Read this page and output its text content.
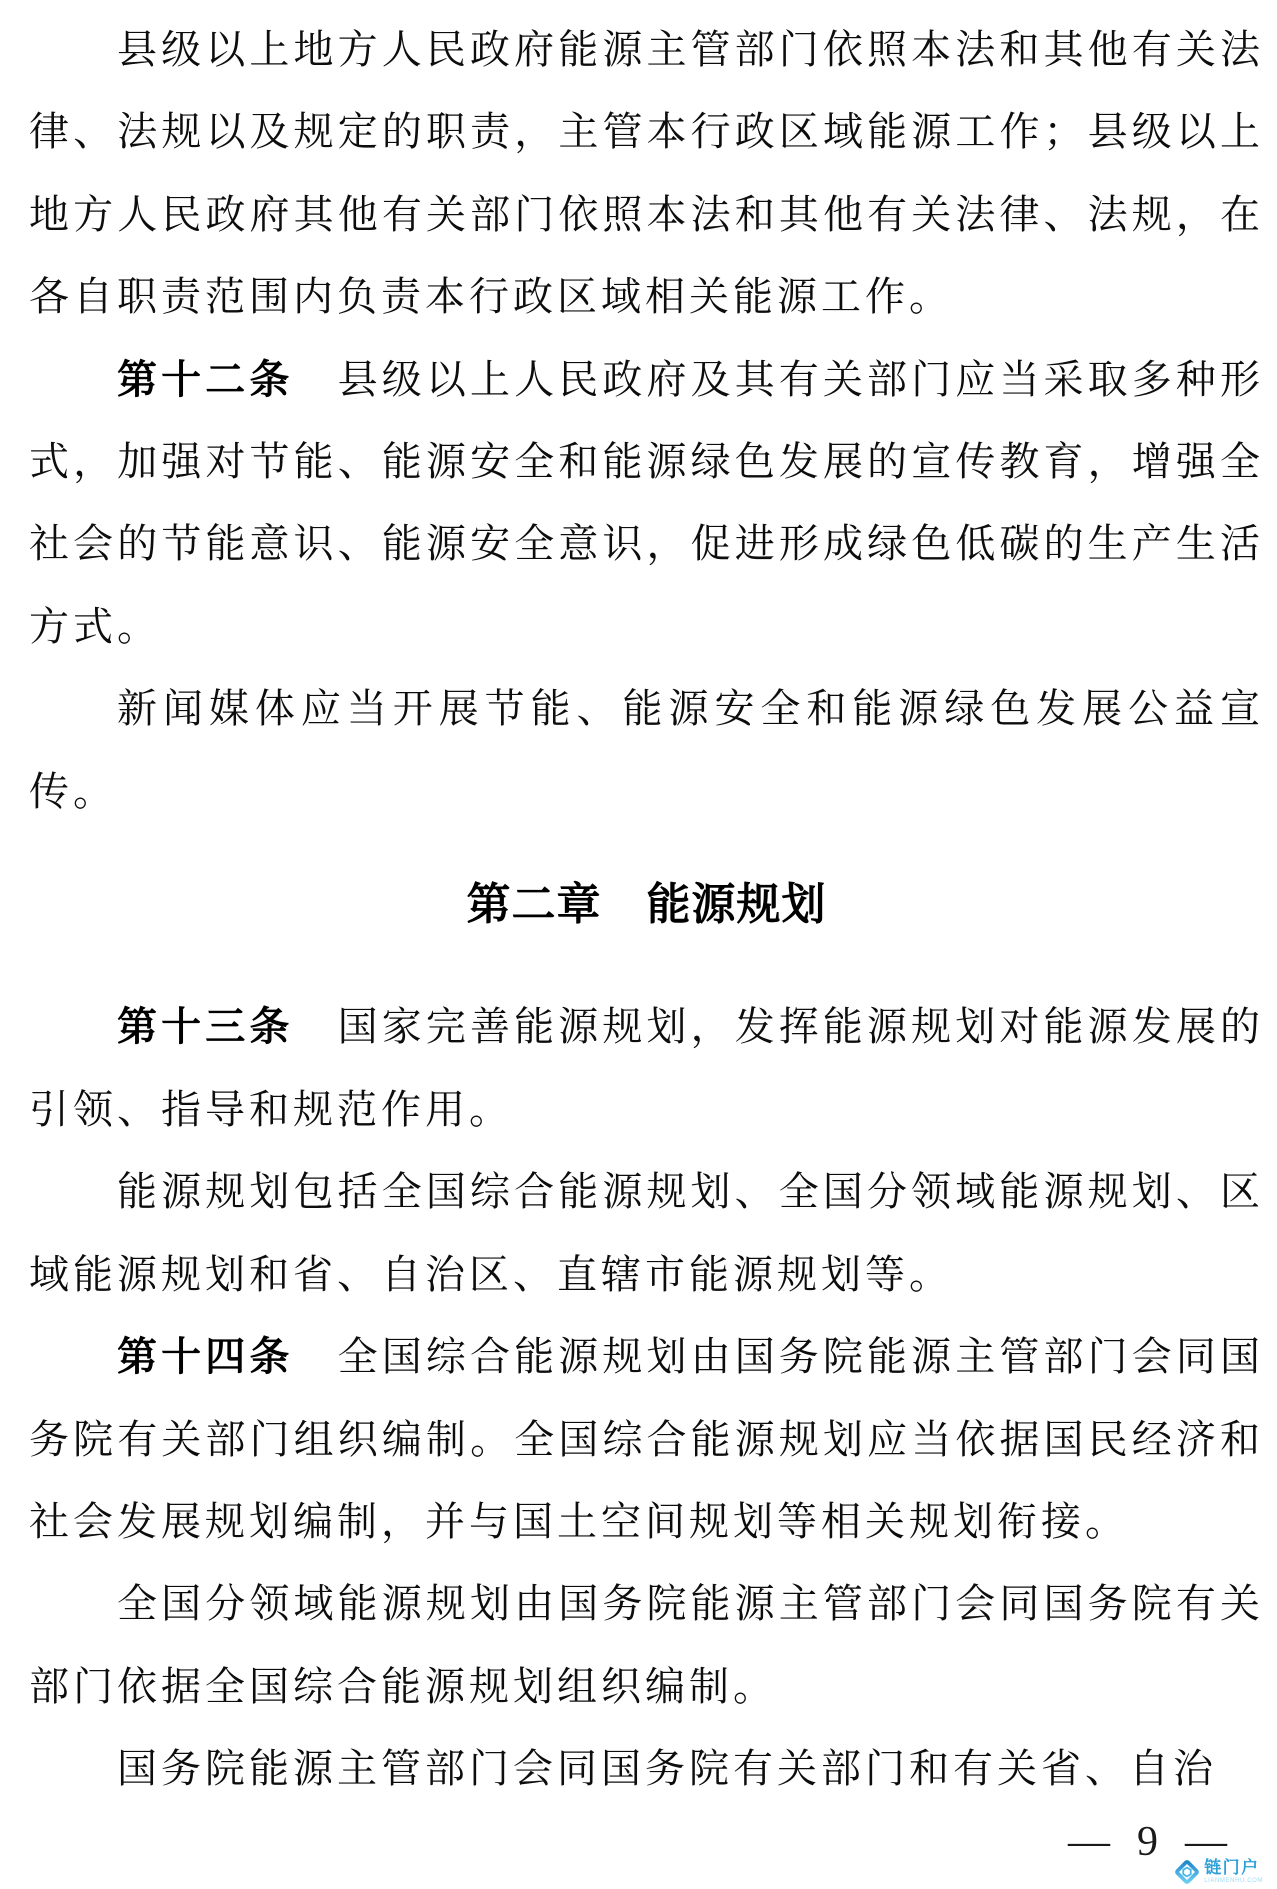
县级以上地方人民政府能源主管部门依照本法和其他有关法律、法规以及规定的职责，主管本行政区域能源工作；县级以上地方人民政府其他有关部门依照本法和其他有关法律、法规，在各自职责范围内负责本行政区域相关能源工作。

第十二条　县级以上人民政府及其有关部门应当采取多种形式，加强对节能、能源安全和能源绿色发展的宣传教育，增强全社会的节能意识、能源安全意识，促进形成绿色低碳的生产生活方式。

新闻媒体应当开展节能、能源安全和能源绿色发展公益宣传。

第二章　能源规划

第十三条　国家完善能源规划，发挥能源规划对能源发展的引领、指导和规范作用。

能源规划包括全国综合能源规划、全国分领域能源规划、区域能源规划和省、自治区、直辖市能源规划等。

第十四条　全国综合能源规划由国务院能源主管部门会同国务院有关部门组织编制。全国综合能源规划应当依据国民经济和社会发展规划编制，并与国土空间规划等相关规划衔接。

全国分领域能源规划由国务院能源主管部门会同国务院有关部门依据全国综合能源规划组织编制。

国务院能源主管部门会同国务院有关部门和有关省、自治

— 9 —
链门户
LIANMENHU.COM
